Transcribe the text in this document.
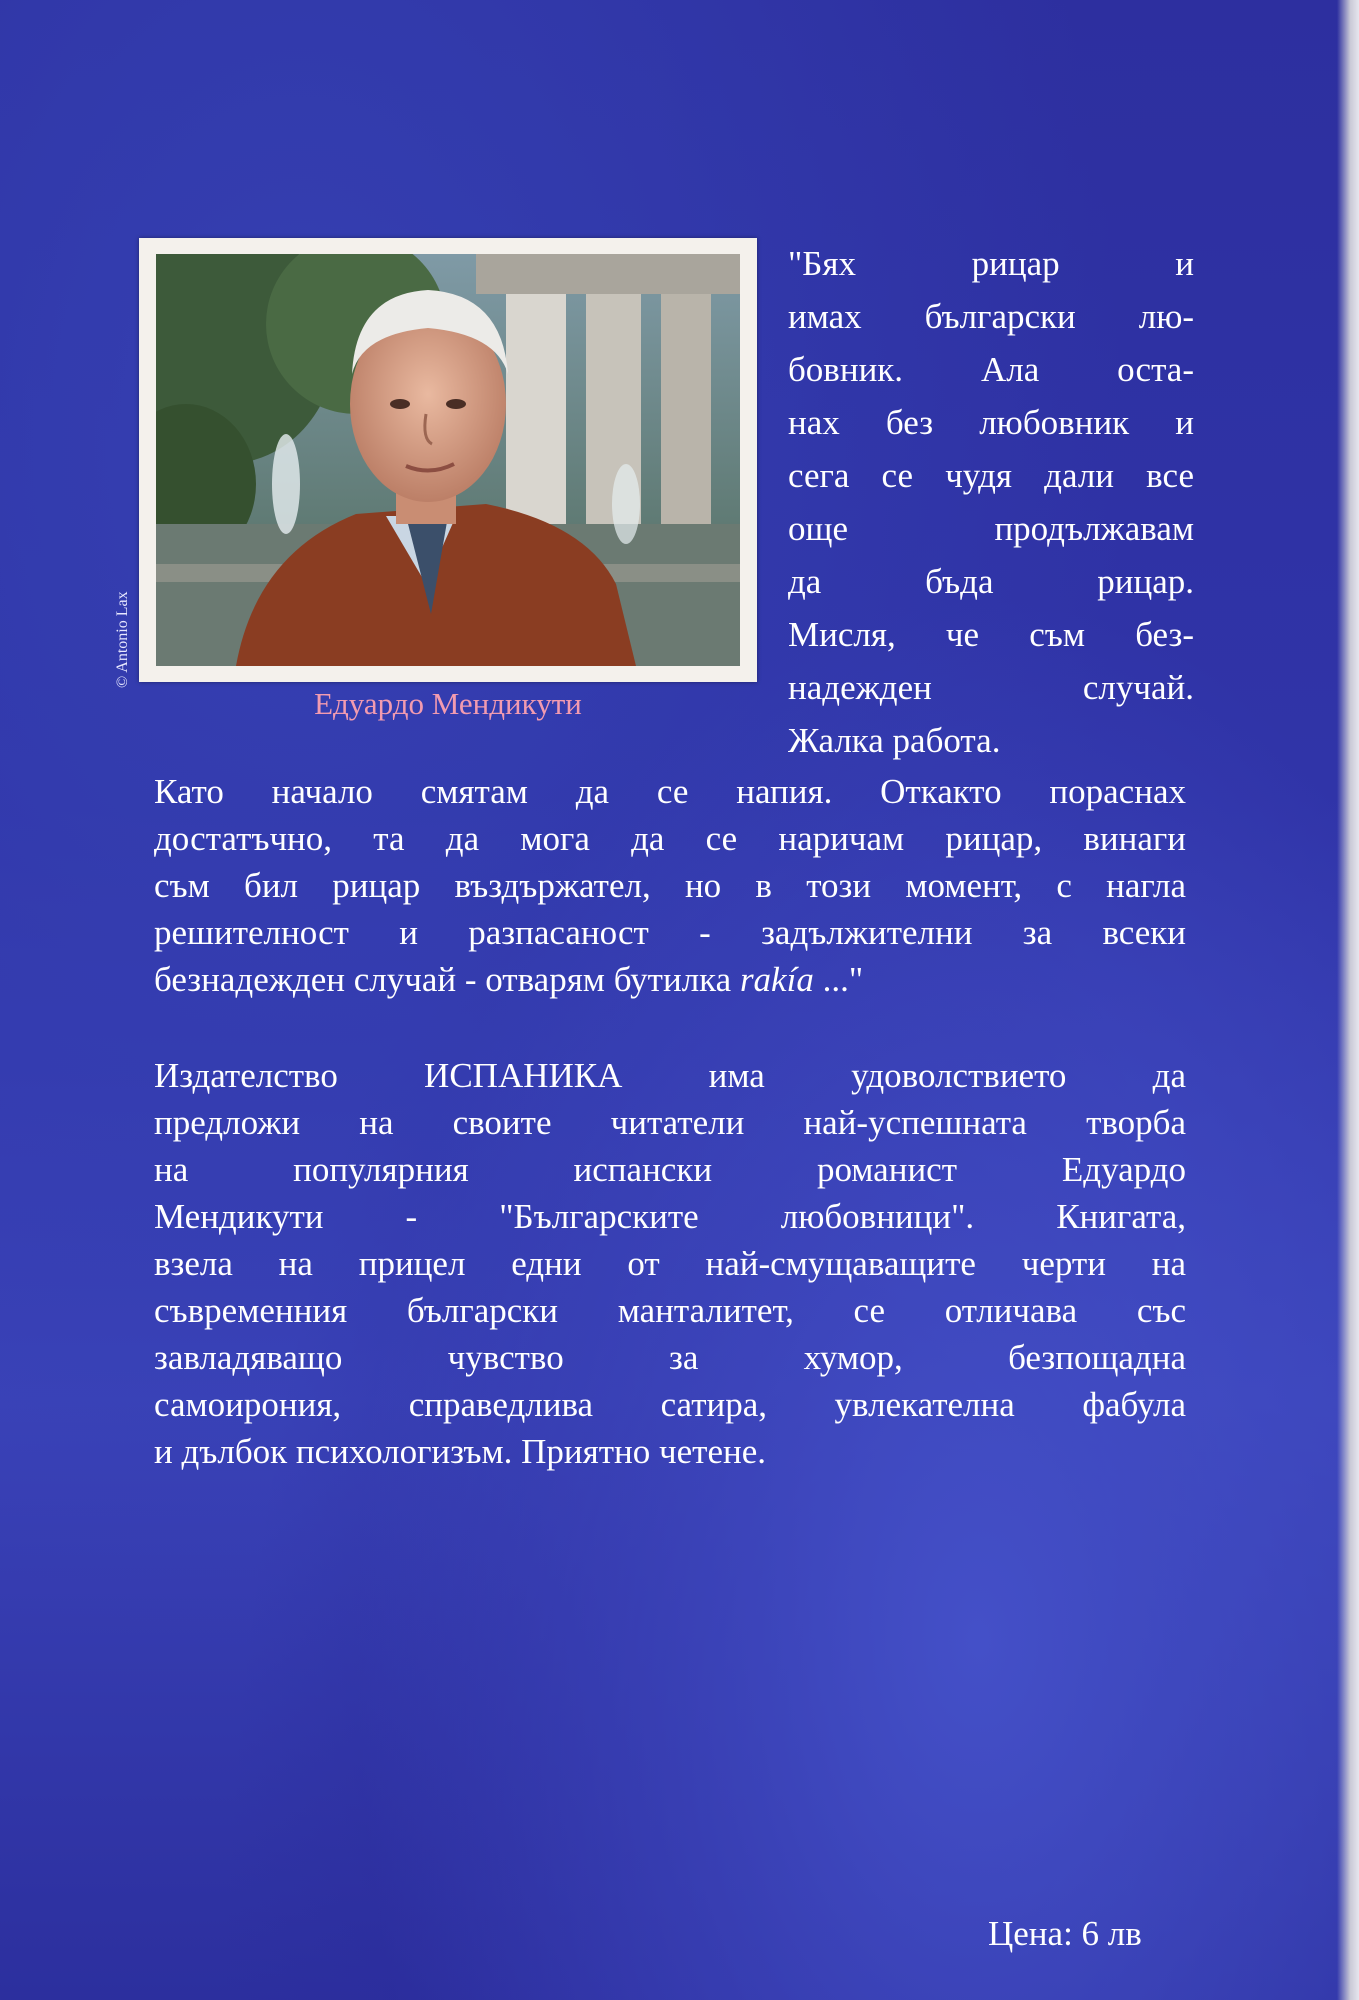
© Antonio Lax
Едуардо Мендикути
"Бях рицар и
имах български лю-
бовник. Ала оста-
нах без любовник и
сега се чудя дали все
още продължавам
да бъда рицар.
Мисля, че съм без-
надежден случай.
Жалка работа.
Като начало смятам да се напия. Откакто пораснах
достатъчно, та да мога да се наричам рицар, винаги
съм бил рицар въздържател, но в този момент, с нагла
решителност и разпасаност - задължителни за всеки
безнадежден случай - отварям бутилка rakía ..."
Издателство ИСПАНИКА има удоволствието да
предложи на своите читатели най-успешната творба
на популярния испански романист Едуардо
Мендикути - "Българските любовници". Книгата,
взела на прицел едни от най-смущаващите черти на
съвременния български манталитет, се отличава със
завладяващо чувство за хумор, безпощадна
самоирония, справедлива сатира, увлекателна фабула
и дълбок психологизъм. Приятно четене.
Цена: 6 лв
